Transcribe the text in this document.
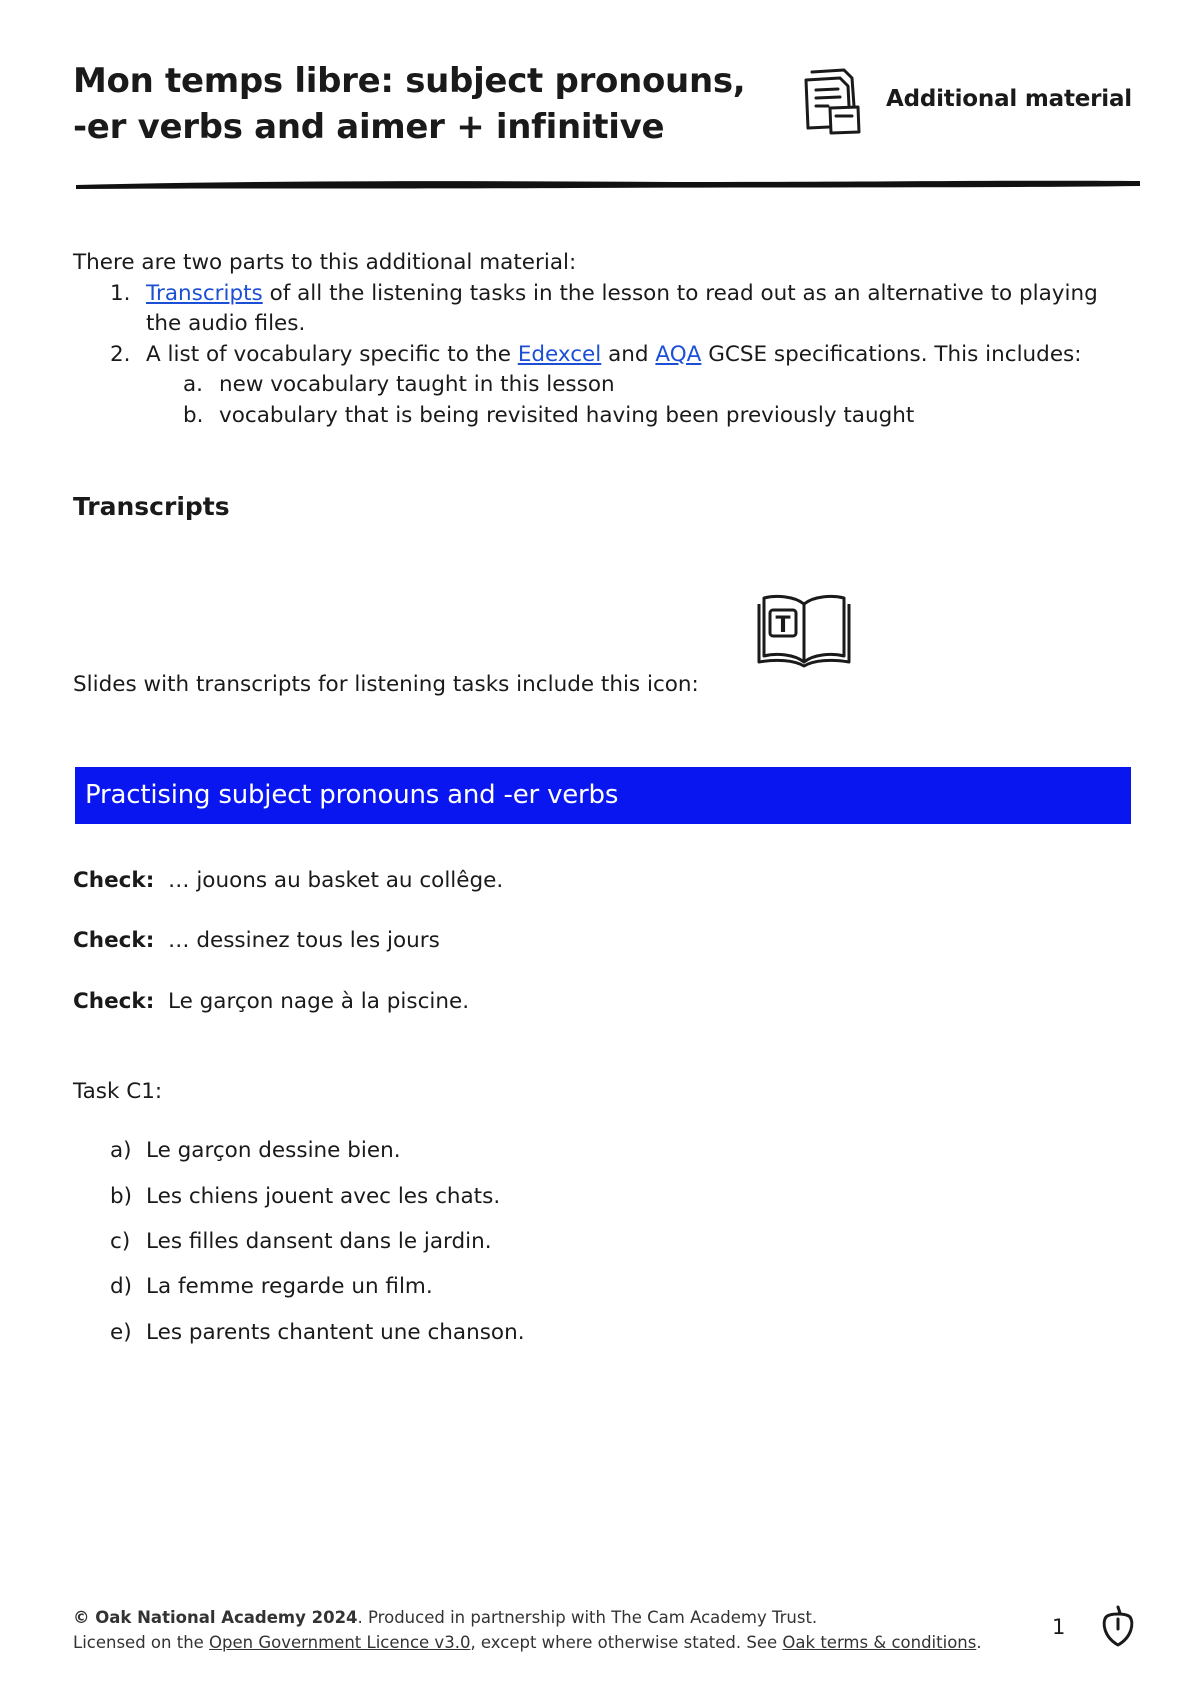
Mon temps libre: subject pronouns,
-er verbs and aimer + infinitive
Additional material

There are two parts to this additional material:

1. Transcripts of all the listening tasks in the lesson to read out as an alternative to playing the audio files.
2. A list of vocabulary specific to the Edexcel and AQA GCSE specifications. This includes:
a. new vocabulary taught in this lesson
b. vocabulary that is being revisited having been previously taught
Transcripts
Slides with transcripts for listening tasks include this icon:
T
Practising subject pronouns and -er verbs
Check: … jouons au basket au collêge.
Check: … dessinez tous les jours
Check: Le garçon nage à la piscine.
Task C1:
a) Le garçon dessine bien.
b) Les chiens jouent avec les chats.
c) Les filles dansent dans le jardin.
d) La femme regarde un film.
e) Les parents chantent une chanson.
© Oak National Academy 2024. Produced in partnership with The Cam Academy Trust.
Licensed on the Open Government Licence v3.0, except where otherwise stated. See Oak terms & conditions.
1
